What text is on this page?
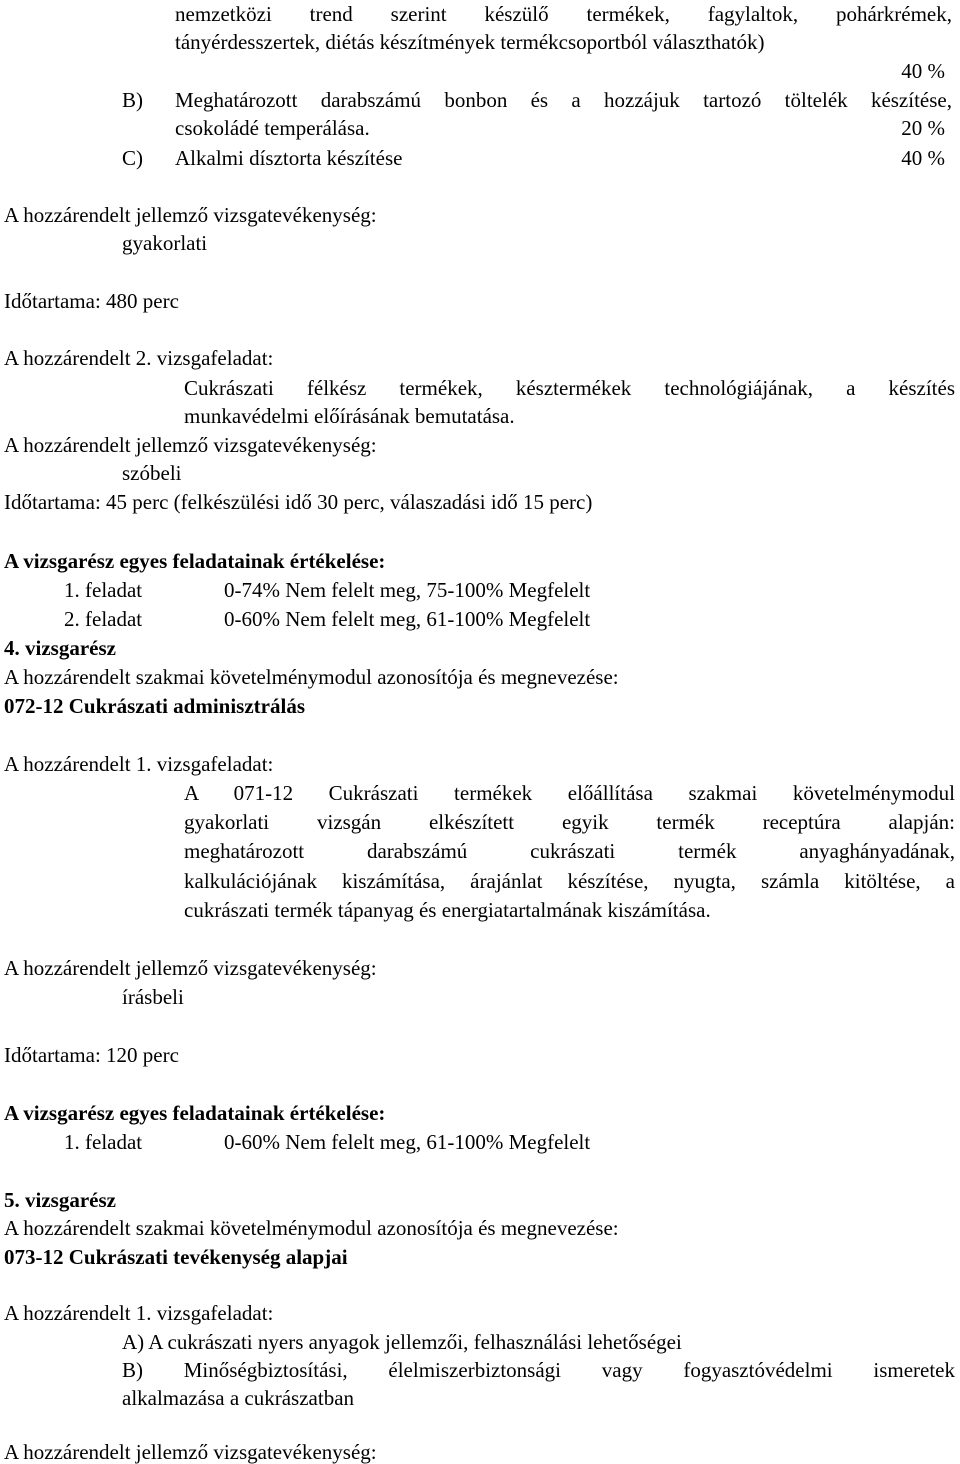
nemzetközi trend szerint készülő termékek, fagylaltok, pohárkrémek,
tányérdesszertek, diétás készítmények termékcsoportból választhatók)
40 %
B) Meghatározott darabszámú bonbon és a hozzájuk tartozó töltelék készítése,
csokoládé temperálása.	20 %
C) Alkalmi dísztorta készítése	40 %
A hozzárendelt jellemző vizsgatevékenység:
gyakorlati
Időtartama: 480 perc
A hozzárendelt 2. vizsgafeladat:
Cukrászati félkész termékek, késztermékek technológiájának, a készítés
munkavédelmi előírásának bemutatása.
A hozzárendelt jellemző vizsgatevékenység:
szóbeli
Időtartama: 45 perc (felkészülési idő 30 perc, válaszadási idő 15 perc)
A vizsgarész egyes feladatainak értékelése:
1. feladat	0-74% Nem felelt meg, 75-100% Megfelelt
2. feladat	0-60% Nem felelt meg, 61-100% Megfelelt
4. vizsgarész
A hozzárendelt szakmai követelménymodul azonosítója és megnevezése:
072-12 Cukrászati adminisztrálás
A hozzárendelt 1. vizsgafeladat:
A 071-12 Cukrászati termékek előállítása szakmai követelménymodul
gyakorlati vizsgán elkészített egyik termék receptúra alapján:
meghatározott darabszámú cukrászati termék anyaghányadának,
kalkulációjának kiszámítása, árajánlat készítése, nyugta, számla kitöltése, a
cukrászati termék tápanyag és energiatartalmának kiszámítása.
A hozzárendelt jellemző vizsgatevékenység:
írásbeli
Időtartama: 120 perc
A vizsgarész egyes feladatainak értékelése:
1. feladat	0-60% Nem felelt meg, 61-100% Megfelelt
5. vizsgarész
A hozzárendelt szakmai követelménymodul azonosítója és megnevezése:
073-12 Cukrászati tevékenység alapjai
A hozzárendelt 1. vizsgafeladat:
A) A cukrászati nyers anyagok jellemzői, felhasználási lehetőségei
B) Minőségbiztosítási, élelmiszerbiztonsági vagy fogyasztóvédelmi ismeretek
alkalmazása a cukrászatban
A hozzárendelt jellemző vizsgatevékenység:
